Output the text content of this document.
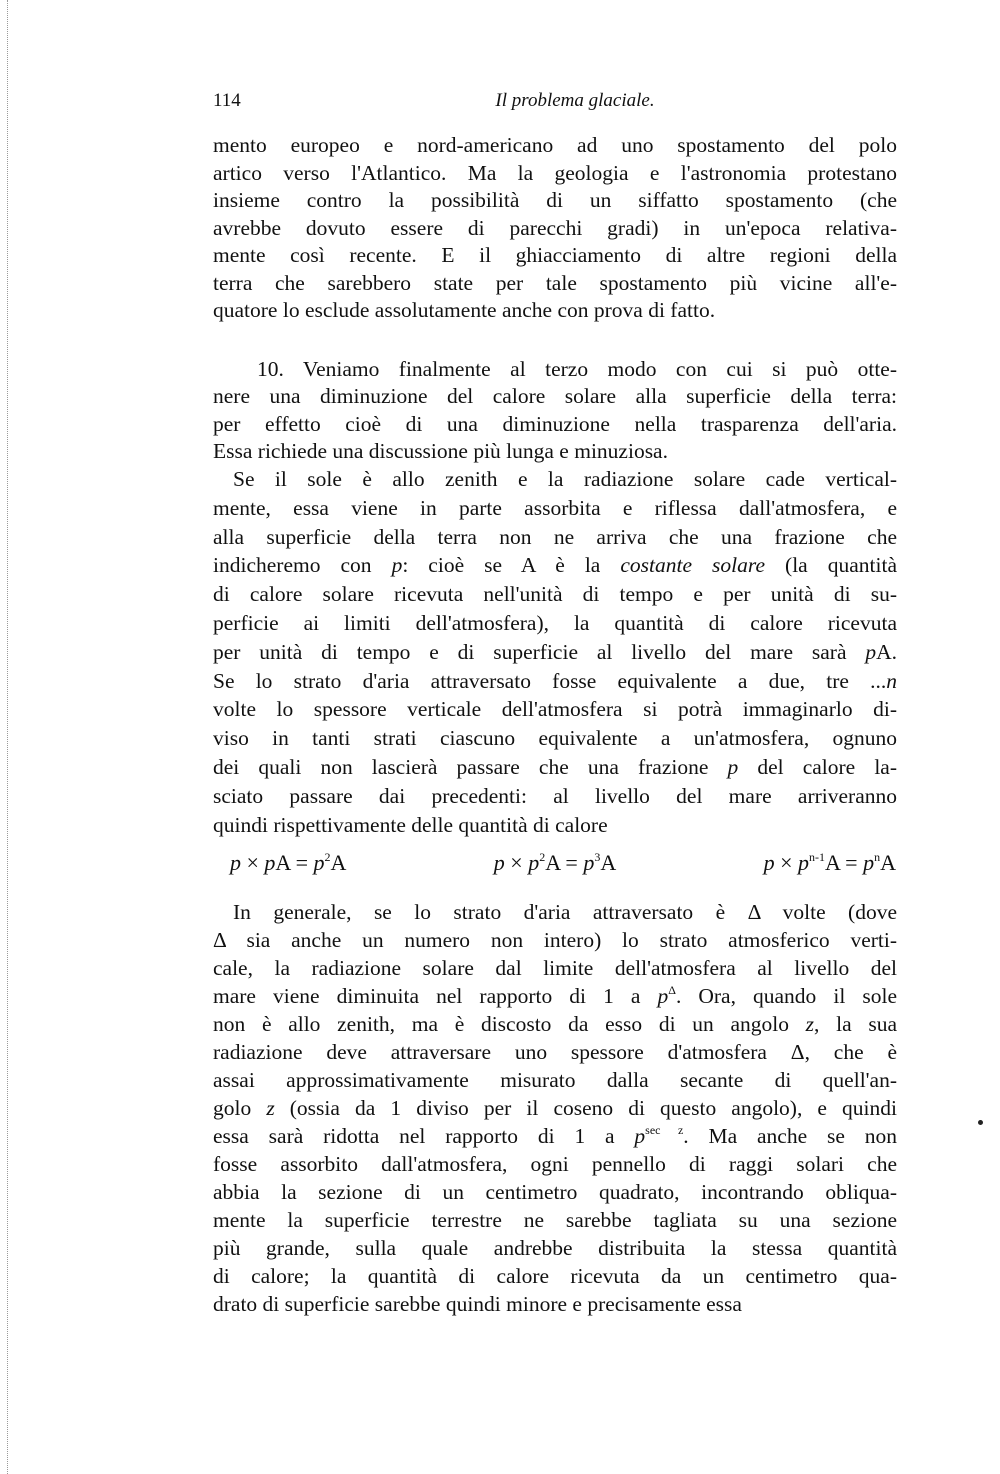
114	Il problema glaciale.
mento europeo e nord-americano ad uno spostamento del polo
artico verso l'Atlantico. Ma la geologia e l'astronomia protestano
insieme contro la possibilità di un siffatto spostamento (che
avrebbe dovuto essere di parecchi gradi) in un'epoca relativa-
mente così recente. E il ghiacciamento di altre regioni della
terra che sarebbero state per tale spostamento più vicine all'e-
quatore lo esclude assolutamente anche con prova di fatto.
10. Veniamo finalmente al terzo modo con cui si può otte-
nere una diminuzione del calore solare alla superficie della terra:
per effetto cioè di una diminuzione nella trasparenza dell'aria.
Essa richiede una discussione più lunga e minuziosa.
Se il sole è allo zenith e la radiazione solare cade vertical-
mente, essa viene in parte assorbita e riflessa dall'atmosfera, e
alla superficie della terra non ne arriva che una frazione che
indicheremo con p: cioè se A è la costante solare (la quantità
di calore solare ricevuta nell'unità di tempo e per unità di su-
perficie ai limiti dell'atmosfera), la quantità di calore ricevuta
per unità di tempo e di superficie al livello del mare sarà pA.
Se lo strato d'aria attraversato fosse equivalente a due, tre ...n
volte lo spessore verticale dell'atmosfera si potrà immaginarlo di-
viso in tanti strati ciascuno equivalente a un'atmosfera, ognuno
dei quali non lascierà passare che una frazione p del calore la-
sciato passare dai precedenti: al livello del mare arriveranno
quindi rispettivamente delle quantità di calore
p × pA = $p^2A$	$p \times p^2A = p^3A$	$p \times p^{n-1}A = p^nA$
In generale, se lo strato d'aria attraversato è Δ volte (dove
Δ sia anche un numero non intero) lo strato atmosferico verti-
cale, la radiazione solare dal limite dell'atmosfera al livello del
mare viene diminuita nel rapporto di 1 a $p^\Delta$. Ora, quando il sole
non è allo zenith, ma è discosto da esso di un angolo z, la sua
radiazione deve attraversare uno spessore d'atmosfera Δ, che è
assai approssimativamente misurato dalla secante di quell'an-
golo z (ossia da 1 diviso per il coseno di questo angolo), e quindi
essa sarà ridotta nel rapporto di 1 a $p^{sec z}$. Ma anche se non
fosse assorbito dall'atmosfera, ogni pennello di raggi solari che
abbia la sezione di un centimetro quadrato, incontrando obliqua-
mente la superficie terrestre ne sarebbe tagliata su una sezione
più grande, sulla quale andrebbe distribuita la stessa quantità
di calore; la quantità di calore ricevuta da un centimetro qua-
drato di superficie sarebbe quindi minore e precisamente essa
